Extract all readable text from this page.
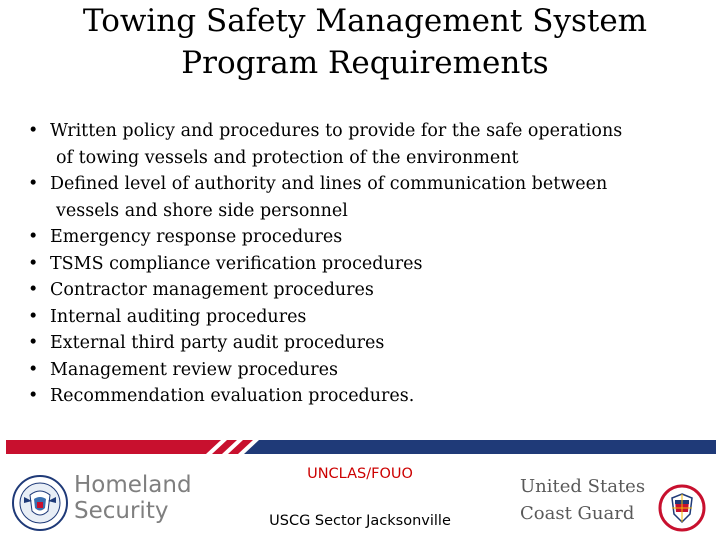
Towing Safety Management System
Program Requirements
• Written policy and procedures to provide for the safe operations
of towing vessels and protection of the environment
• Defined level of authority and lines of communication between
vessels and shore side personnel
• Emergency response procedures
• TSMS compliance verification procedures
• Contractor management procedures
• Internal auditing procedures
• External third party audit procedures
• Management review procedures
• Recommendation evaluation procedures.
Homeland
Security
UNCLAS/FOUO
USCG Sector Jacksonville
United States
Coast Guard
